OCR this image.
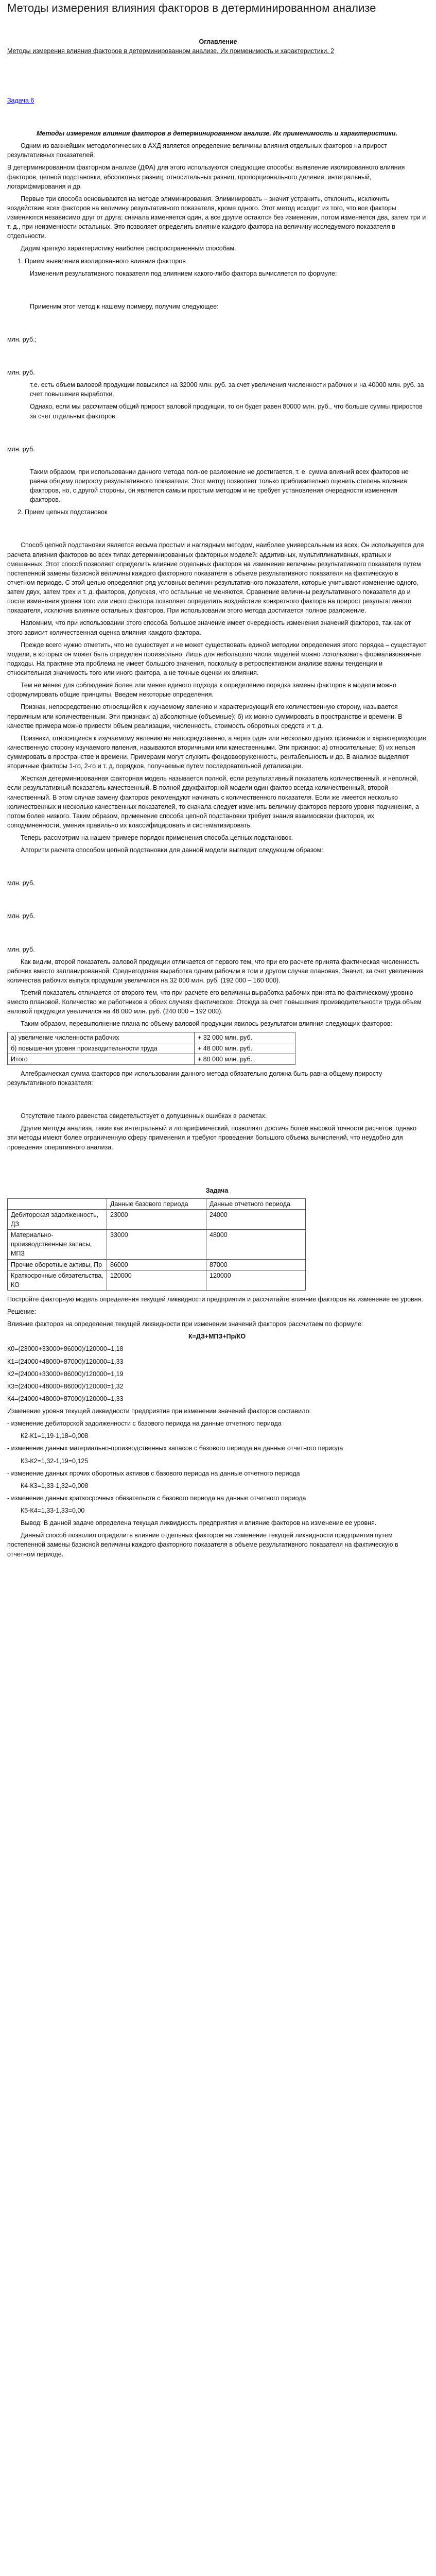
Методы измерения влияния факторов в детерминированном анализе
Оглавление
Методы измерения влияния факторов в детерминированном анализе. Их применимость и характеристики. 2
Задача 6

Методы измерения влияния факторов в детерминированном анализе. Их применимость и характеристики.

Одним из важнейших методологических в АХД является определение величины влияния отдельных факторов на прирост результативных показателей.

В детерминированном факторном анализе (ДФА) для этого используются следующие способы: выявление изолированного влияния факторов, цепной подстановки, абсолютных разниц, относительных разниц, пропорционального деления, интегральный, логарифмирования и др.

Первые три способа основываются на методе элиминирования. Элиминировать – значит устранить, отклонить, исключить воздействие всех факторов на величину результативного показателя, кроме одного. Этот метод исходит из того, что все факторы изменяются независимо друг от друга: сначала изменяется один, а все другие остаются без изменения, потом изменяется два, затем три и т. д., при неизменности остальных. Это позволяет определить влияние каждого фактора на величину исследуемого показателя в отдельности.

Дадим краткую характеристику наиболее распространенным способам.

1. Прием выявления изолированного влияния факторов

Изменения результативного показателя под влиянием какого-либо фактора вычисляется по формуле:

Применим этот метод к нашему примеру, получим следующее:

млн. руб.;

млн. руб.

т.е. есть объем валовой продукции повысился на 32000 млн. руб. за счет увеличения численности рабочих и на 40000 млн. руб. за счет повышения выработки.

Однако, если мы рассчитаем общий прирост валовой продукции, то он будет равен 80000 млн. руб., что больше суммы приростов за счет отдельных факторов:

млн. руб.

Таким образом, при использовании данного метода полное разложение не достигается, т. е. сумма влияний всех факторов не равна общему приросту результативного показателя. Этот метод позволяет только приблизительно оценить степень влияния факторов, но, с другой стороны, он является самым простым методом и не требует установления очередности изменения факторов.

2. Прием цепных подстановок

Способ цепной подстановки является весьма простым и наглядным методом, наиболее универсальным из всех. Он используется для расчета влияния факторов во всех типах детерминированных факторных моделей: аддитивных, мультипликативных, кратных и смешанных. Этот способ позволяет определить влияние отдельных факторов на изменение величины результативного показателя путем постепенной замены базисной величины каждого факторного показателя в объеме результативного показателя на фактическую в отчетном периоде. С этой целью определяют ряд условных величин результативного показателя, которые учитывают изменение одного, затем двух, затем трех и т. д. факторов, допуская, что остальные не меняются. Сравнение величины результативного показателя до и после изменения уровня того или иного фактора позволяет определить воздействие конкретного фактора на прирост результативного показателя, исключив влияние остальных факторов. При использовании этого метода достигается полное разложение.

Напомним, что при использовании этого способа большое значение имеет очередность изменения значений факторов, так как от этого зависит количественная оценка влияния каждого фактора.

Прежде всего нужно отметить, что не существует и не может существовать единой методики определения этого порядка – существуют модели, в которых он может быть определен произвольно. Лишь для небольшого числа моделей можно использовать формализованные подходы. На практике эта проблема не имеет большого значения, поскольку в ретроспективном анализе важны тенденции и относительная значимость того или иного фактора, а не точные оценки их влияния.

Тем не менее для соблюдения более или менее единого подхода к определению порядка замены факторов в модели можно сформулировать общие принципы. Введем некоторые определения.

Признак, непосредственно относящийся к изучаемому явлению и характеризующий его количественную сторону, называется первичным или количественным. Эти признаки: а) абсолютные (объемные); б) их можно суммировать в пространстве и времени. В качестве примера можно привести объем реализации, численность, стоимость оборотных средств и т. д.

Признаки, относящиеся к изучаемому явлению не непосредственно, а через один или несколько других признаков и характеризующие качественную сторону изучаемого явления, называются вторичными или качественными. Эти признаки: а) относительные; б) их нельзя суммировать в пространстве и времени. Примерами могут служить фондовооруженность, рентабельность и др. В анализе выделяют вторичные факторы 1-го, 2-го и т. д. порядков, получаемые путем последовательной детализации.

Жесткая детерминированная факторная модель называется полной, если результативный показатель количественный, и неполной, если результативный показатель качественный. В полной двухфакторной модели один фактор всегда количественный, второй – качественный. В этом случае замену факторов рекомендуют начинать с количественного показателя. Если же имеется несколько количественных и несколько качественных показателей, то сначала следует изменить величину факторов первого уровня подчинения, а потом более низкого. Таким образом, применение способа цепной подстановки требует знания взаимосвязи факторов, их соподчиненности, умения правильно их классифицировать и систематизировать.

Теперь рассмотрим на нашем примере порядок применения способа цепных подстановок.

Алгоритм расчета способом цепной подстановки для данной модели выглядит следующим образом:

млн. руб.

млн. руб.

млн. руб.

Как видим, второй показатель валовой продукции отличается от первого тем, что при его расчете принята фактическая численность рабочих вместо запланированной. Среднегодовая выработка одним рабочим в том и другом случае плановая. Значит, за счет увеличения количества рабочих выпуск продукции увеличился на 32 000 млн. руб. (192 000 – 160 000).

Третий показатель отличается от второго тем, что при расчете его величины выработка рабочих принята по фактическому уровню вместо плановой. Количество же работников в обоих случаях фактическое. Отсюда за счет повышения производительности труда объем валовой продукции увеличился на 48 000 млн. руб. (240 000 – 192 000).

Таким образом, перевыполнение плана по объему валовой продукции явилось результатом влияния следующих факторов:

а) увеличение численности рабочих	+ 32 000 млн. руб.
б) повышения уровня производительности труда	+ 48 000 млн. руб.
Итого	+ 80 000 млн. руб.

Алгебраическая сумма факторов при использовании данного метода обязательно должна быть равна общему приросту результативного показателя:

Отсутствие такого равенства свидетельствует о допущенных ошибках в расчетах.

Другие методы анализа, такие как интегральный и логарифмический, позволяют достичь более высокой точности расчетов, однако эти методы имеют более ограниченную сферу применения и требуют проведения большого объема вычислений, что неудобно для проведения оперативного анализа.

Задача

	Данные базового периода	Данные отчетного периода
Дебиторская задолженность, ДЗ	23000	24000
Материально-производственные запасы, МПЗ	33000	48000
Прочие оборотные активы, Пр	86000	87000
Краткосрочные обязательства, КО	120000	120000

Постройте факторную модель определения текущей ликвидности предприятия и рассчитайте влияние факторов на изменение ее уровня.

Решение:

Влияние факторов на определение текущей ликвидности при изменении значений факторов рассчитаем по формуле:

К=ДЗ+МПЗ+Пр/КО

К0=(23000+33000+86000)/120000=1,18

К1=(24000+48000+87000)/120000=1,33

К2=(24000+33000+86000)/120000=1,19

К3=(24000+48000+86000)/120000=1,32

К4=(24000+48000+87000)/120000=1,33

Изменение уровня текущей ликвидности предприятия при изменении значений факторов составило:

- изменение дебиторской задолженности с базового периода на данные отчетного периода

К2-К1=1,19-1,18=0,008

- изменение данных материально-производственных запасов с базового периода на данные отчетного периода

К3-К2=1,32-1,19=0,125

- изменение данных прочих оборотных активов с базового периода на данные отчетного периода

К4-К3=1,33-1,32=0,008

- изменение данных краткосрочных обязательств с базового периода на данные отчетного периода

К5-К4=1,33-1,33=0,00

Вывод: В данной задаче определена текущая ликвидность предприятия и влияние факторов на изменение ее уровня.

Данный способ позволил определить влияние отдельных факторов на изменение текущей ликвидности предприятия путем постепенной замены базисной величины каждого факторного показателя в объеме результативного показателя на фактическую в отчетном периоде.
